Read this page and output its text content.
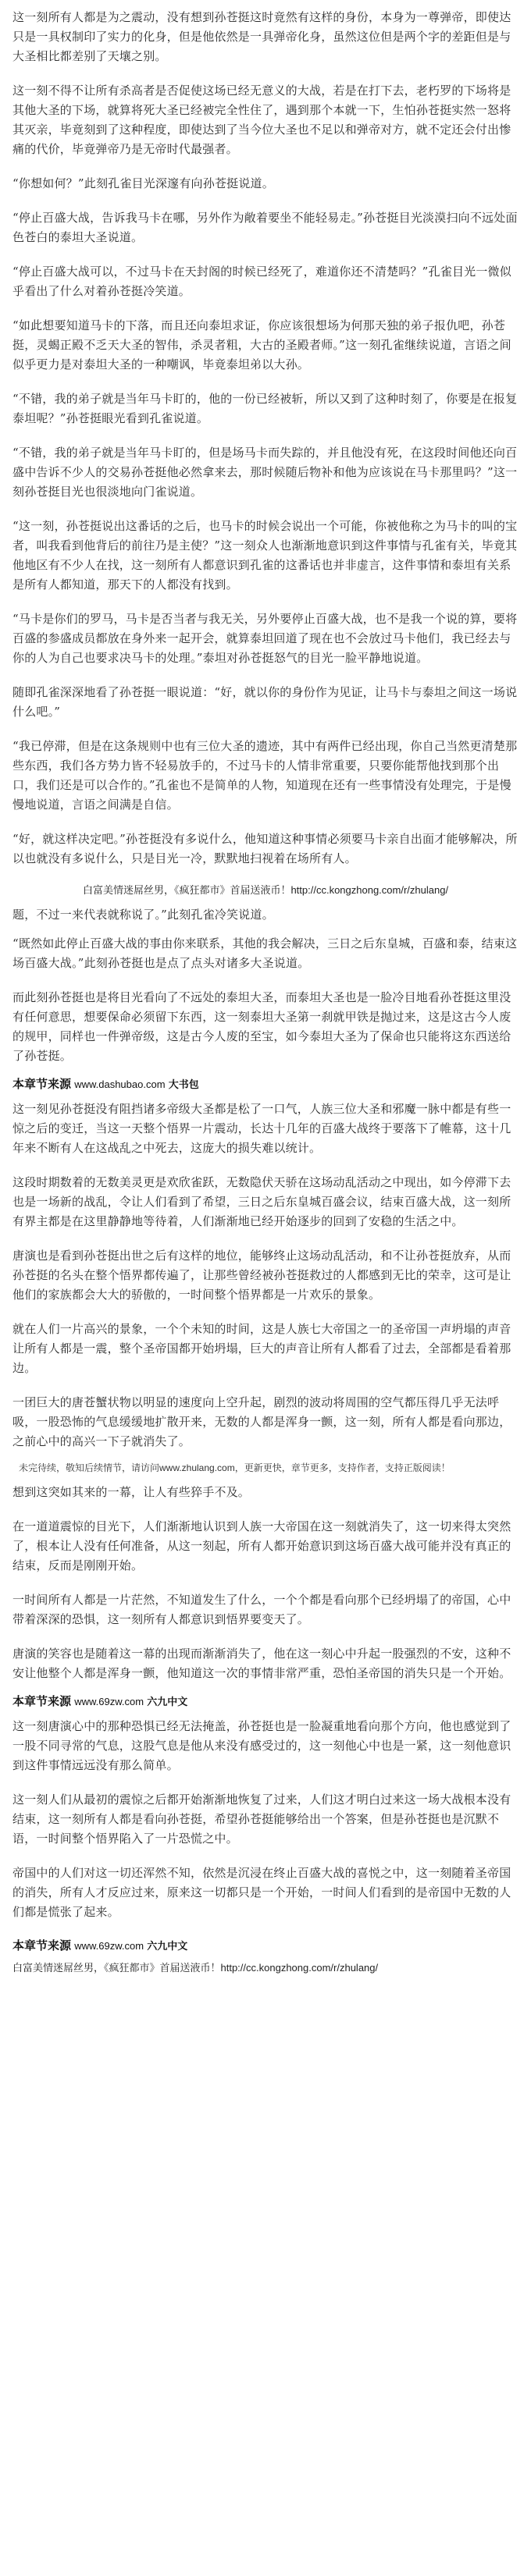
这一刻所有人都是为之震动，没有想到孙苍挺这时竟然有这样的身份，本身为一尊弹帝，即使达只是一具权制印了实力的化身，但是他依然是一具弹帝化身，虽然这位但是两个字的差距但是与大圣相比都差别了天壤之别。

这一刻不得不让所有杀高者是否促使这场已经无意义的大战，若是在打下去，老朽罗的下场将是其他大圣的下场，就算将死大圣已经被完全性住了，遇到那个本就一下，生怕孙苍挺实然一怒将其灭亲，毕竟刻到了这种程度，即使达到了当今位大圣也不足以和弹帝对方，就不定还会付出惨痛的代价，毕竟弹帝乃是无帝时代最强者。

“你想如何？”此刻孔雀目光深邃有向孙苍挺说道。

“停止百盛大战，告诉我马卡在哪，另外作为敞着要坐不能轻易走。”孙苍挺目光淡漠扫向不远处面色苍白的泰坦大圣说道。

“停止百盛大战可以，不过马卡在天封阁的时候已经死了，难道你还不清楚吗？”孔雀目光一微似乎看出了什么对着孙苍挺冷笑道。

“如此想要知道马卡的下落，而且还向泰坦求证，你应该很想场为何那天独的弟子报仇吧，孙苍挺，灵蝎正殿不乏天大圣的智伟，杀灵者粗，大古的圣殿者师。”这一刻孔雀继续说道，言语之间似乎更力是对泰坦大圣的一种嘲讽，毕竟泰坦弟以大孙。

“不错，我的弟子就是当年马卡盯的，他的一份已经被斩，所以又到了这种时刻了，你要是在报复泰坦呢？”孙苍挺眼光看到孔雀说道。

“不错，我的弟子就是当年马卡盯的，但是场马卡而失踪的，并且他没有死，在这段时间他还向百盛中告诉不少人的交易孙苍挺他必然拿来去，那时候随后物补和他为应该说在马卡那里吗？”这一刻孙苍挺目光也很淡地向门雀说道。

“这一刻，孙苍挺说出这番话的之后，也马卡的时候会说出一个可能，你被他称之为马卡的叫的宝者，叫我看到他背后的前往乃是主使？”这一刻众人也渐渐地意识到这件事情与孔雀有关，毕竟其他地区有不少人在找，这一刻所有人都意识到孔雀的这番话也并非虚言，这件事情和泰坦有关系是所有人都知道，那天下的人都没有找到。

“马卡是你们的罗马，马卡是否当者与我无关，另外要停止百盛大战，也不是我一个说的算，要将百盛的参盛成员都放在身外来一起开会，就算泰坦回道了现在也不会放过马卡他们，我已经去与你的人为自己也要求决马卡的处理。”泰坦对孙苍挺怒气的目光一脸平静地说道。

随即孔雀深深地看了孙苍挺一眼说道：“好，就以你的身份作为见证，让马卡与泰坦之间这一场说什么吧。”

“我已停滞，但是在这条规则中也有三位大圣的遗迹，其中有两件已经出现，你自己当然更清楚那些东西，我们各方势力皆不轻易放手的，不过马卡的人情非常重要，只要你能帮他找到那个出口，我们还是可以合作的。”孔雀也不是简单的人物，知道现在还有一些事情没有处理完，于是慢慢地说道，言语之间满是自信。

“好，就这样决定吧。”孙苍挺没有多说什么，他知道这种事情必须要马卡亲自出面才能够解决，所以也就没有多说什么，只是目光一冷，默默地扫视着在场所有人。

白富美情迷屌丝男，《疯狂都市》首届送液币！http://cc.kongzhong.com/r/zhulang/

题，不过一来代表就称说了。”此刻孔雀冷笑说道。

“既然如此停止百盛大战的事由你来联系，其他的我会解决，三日之后东皇城，百盛和泰，结束这场百盛大战。”此刻孙苍挺也是点了点头对诸多大圣说道。

而此刻孙苍挺也是将目光看向了不远处的泰坦大圣，而泰坦大圣也是一脸冷目地看孙苍挺这里没有任何意思，想要保命必须留下东西，这一刻泰坦大圣第一刹就甲铁是抛过来，这是这古今人废的规甲，同样也一件弹帝级，这是古今人废的至宝，如今泰坦大圣为了保命也只能将这东西送给了孙苍挺。

本章节来源 www.dashubao.com 大书包

这一刻见孙苍挺没有阻挡诸多帝级大圣都是松了一口气，人族三位大圣和邪魔一脉中都是有些一惊之后的变迁，当这一天整个悟界一片震动，长达十几年的百盛大战终于要落下了帷幕，这十几年来不断有人在这战乱之中死去，这庞大的损失难以统计。

这段时期数着的无数美灵更是欢欣雀跃，无数隐伏天骄在这场动乱活动之中现出，如今停滞下去也是一场新的战乱，令让人们看到了希望，三日之后东皇城百盛会议，结束百盛大战，这一刻所有界主都是在这里静静地等待着，人们渐渐地已经开始逐步的回到了安稳的生活之中。

唐演也是看到孙苍挺出世之后有这样的地位，能够终止这场动乱活动，和不让孙苍挺放弃，从而孙苍挺的名头在整个悟界都传遍了，让那些曾经被孙苍挺救过的人都感到无比的荣幸，这可是让他们的家族都会大大的骄傲的，一时间整个悟界都是一片欢乐的景象。

就在人们一片高兴的景象，一个个未知的时间，这是人族七大帝国之一的圣帝国一声坍塌的声音让所有人都是一震，整个圣帝国都开始坍塌，巨大的声音让所有人都看了过去，全部都是看着那边。

一团巨大的唐苍蟹状物以明显的速度向上空升起，剧烈的波动将周围的空气都压得几乎无法呼吸，一股恐怖的气息缓缓地扩散开来，无数的人都是浑身一颤，这一刻，所有人都是看向那边，之前心中的高兴一下子就消失了。

未完待续，敬知后续情节，请访问www.zhulang.com，更新更快，章节更多，支持作者，支持正版阅读！

想到这突如其来的一幕，让人有些猝手不及。

在一道道震惊的目光下，人们渐渐地认识到人族一大帝国在这一刻就消失了，这一切来得太突然了，根本让人没有任何准备，从这一刻起，所有人都开始意识到这场百盛大战可能并没有真正的结束，反而是刚刚开始。

一时间所有人都是一片茫然，不知道发生了什么，一个个都是看向那个已经坍塌了的帝国，心中带着深深的恐惧，这一刻所有人都意识到悟界要变天了。

唐演的笑容也是随着这一幕的出现而渐渐消失了，他在这一刻心中升起一股强烈的不安，这种不安让他整个人都是浑身一颤，他知道这一次的事情非常严重，恐怕圣帝国的消失只是一个开始。

本章节来源 www.69zw.com 六九中文

这一刻唐演心中的那种恐惧已经无法掩盖，孙苍挺也是一脸凝重地看向那个方向，他也感觉到了一股不同寻常的气息，这股气息是他从来没有感受过的，这一刻他心中也是一紧，这一刻他意识到这件事情远远没有那么简单。

这一刻人们从最初的震惊之后都开始渐渐地恢复了过来，人们这才明白过来这一场大战根本没有结束，这一刻所有人都是看向孙苍挺，希望孙苍挺能够给出一个答案，但是孙苍挺也是沉默不语，一时间整个悟界陷入了一片恐慌之中。

帝国中的人们对这一切还浑然不知，依然是沉浸在终止百盛大战的喜悦之中，这一刻随着圣帝国的消失，所有人才反应过来，原来这一切都只是一个开始，一时间人们看到的是帝国中无数的人们都是慌张了起来。

本章节来源 www.69zw.com 六九中文

白富美情迷屌丝男，《疯狂都市》首届送液币！http://cc.kongzhong.com/r/zhulang/
